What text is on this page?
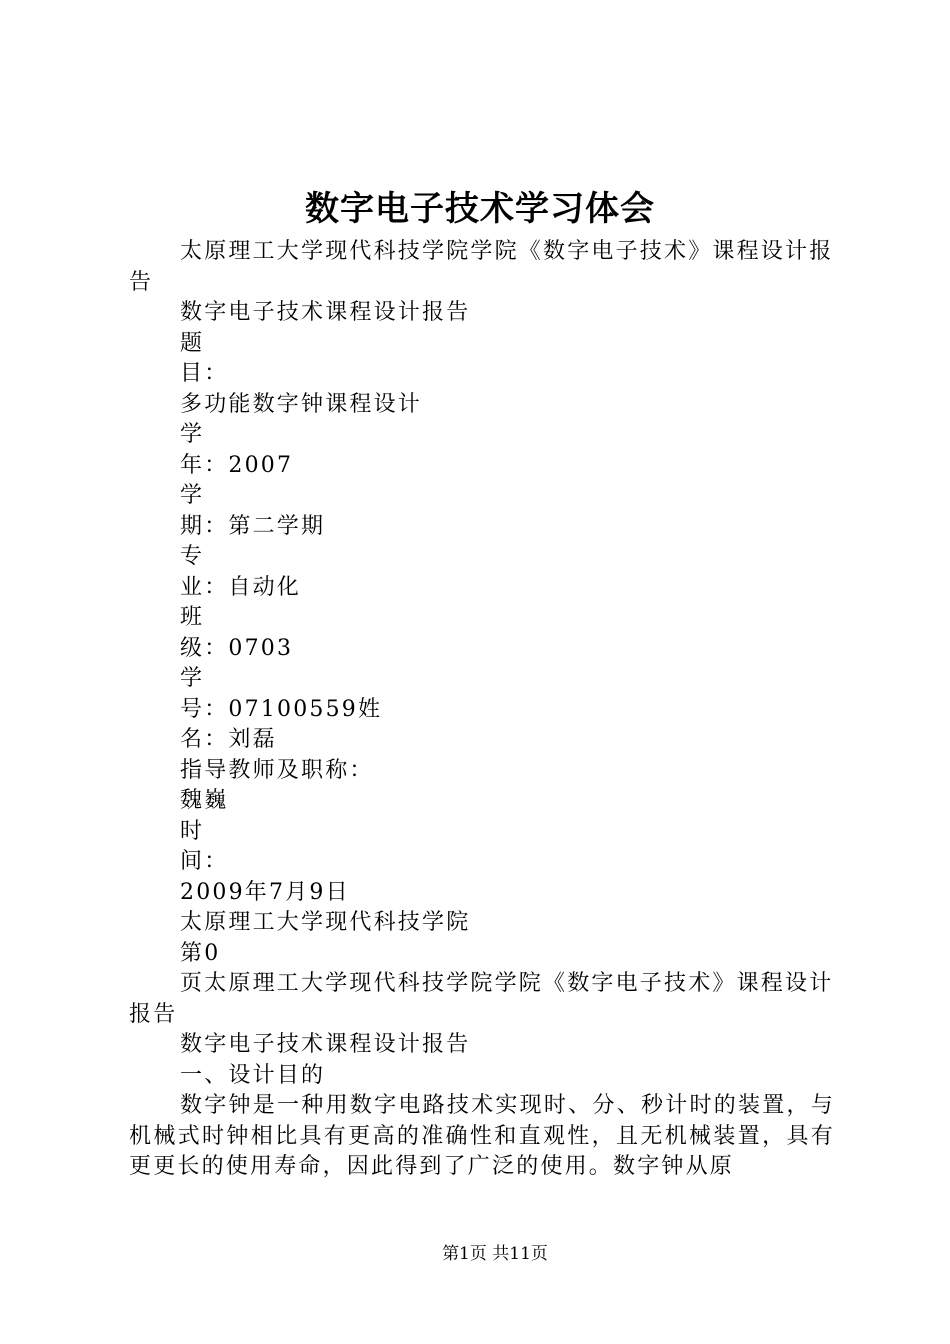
数字电子技术学习体会

太原理工大学现代科技学院学院《数字电子技术》课程设计报告

数字电子技术课程设计报告

题

目：

多功能数字钟课程设计

学

年：2007

学

期：第二学期

专

业：自动化

班

级：0703

学

号：07100559姓

名：刘磊

指导教师及职称：

魏巍

时

间：

2009年7月9日

太原理工大学现代科技学院

第0

页太原理工大学现代科技学院学院《数字电子技术》课程设计报告

数字电子技术课程设计报告

一、设计目的

数字钟是一种用数字电路技术实现时、分、秒计时的装置，与机械式时钟相比具有更高的准确性和直观性，且无机械装置，具有更更长的使用寿命，因此得到了广泛的使用。数字钟从原

第1页 共11页
